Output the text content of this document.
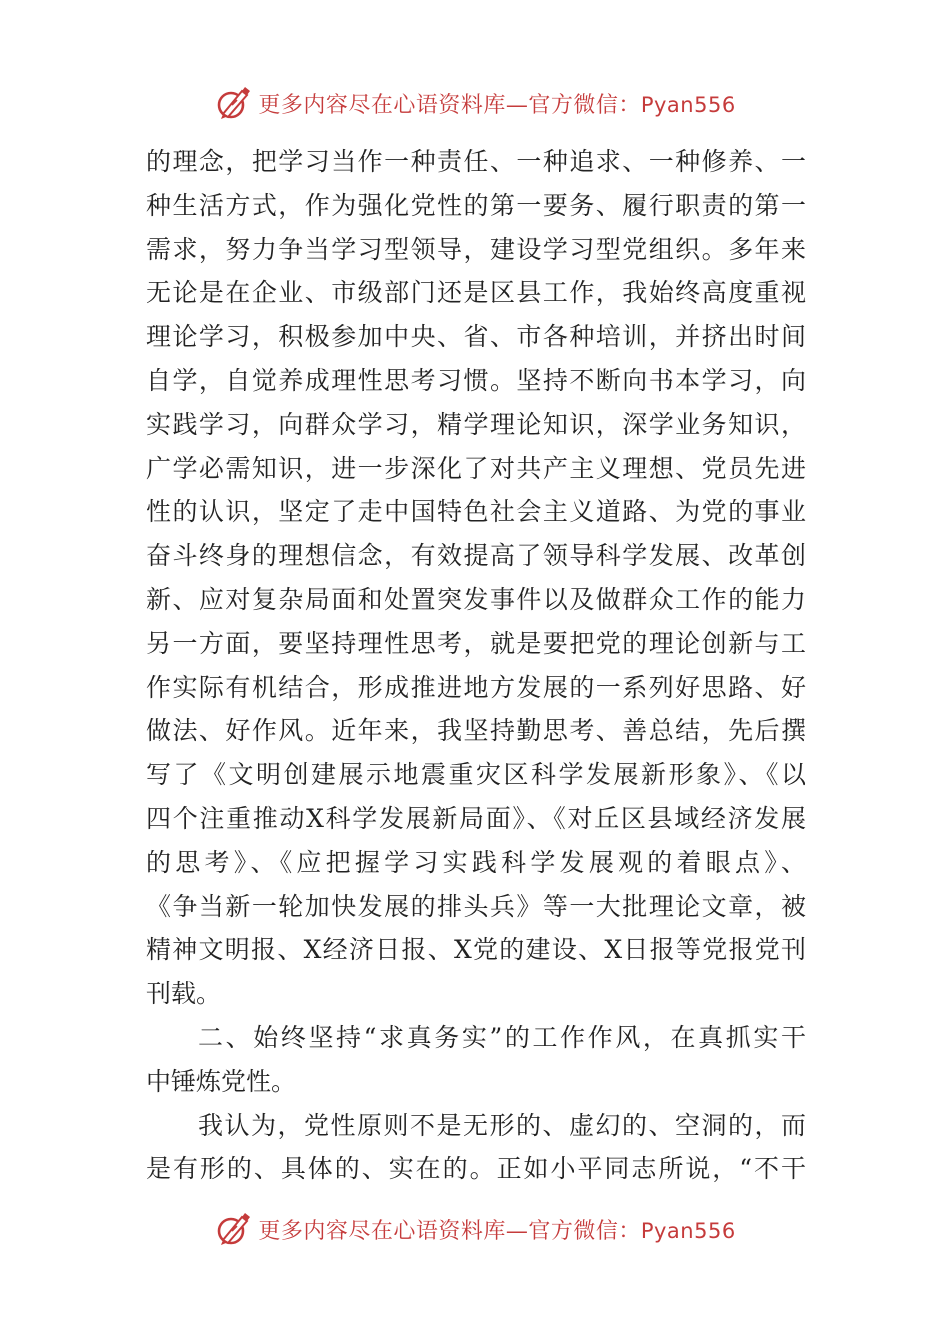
更多内容尽在心语资料库—官方微信：Pyan556
的理念，把学习当作一种责任、一种追求、一种修养、一
种生活方式，作为强化党性的第一要务、履行职责的第一
需求，努力争当学习型领导，建设学习型党组织。多年来
无论是在企业、市级部门还是区县工作，我始终高度重视
理论学习，积极参加中央、省、市各种培训，并挤出时间
自学，自觉养成理性思考习惯。坚持不断向书本学习，向
实践学习，向群众学习，精学理论知识，深学业务知识，
广学必需知识，进一步深化了对共产主义理想、党员先进
性的认识，坚定了走中国特色社会主义道路、为党的事业
奋斗终身的理想信念，有效提高了领导科学发展、改革创
新、应对复杂局面和处置突发事件以及做群众工作的能力
另一方面，要坚持理性思考，就是要把党的理论创新与工
作实际有机结合，形成推进地方发展的一系列好思路、好
做法、好作风。近年来，我坚持勤思考、善总结，先后撰
写了《文明创建展示地震重灾区科学发展新形象》、《以
四个注重推动X科学发展新局面》、《对丘区县域经济发展
的思考》、《应把握学习实践科学发展观的着眼点》、
《争当新一轮加快发展的排头兵》等一大批理论文章，被
精神文明报、X经济日报、X党的建设、X日报等党报党刊
刊载。
二、始终坚持“求真务实”的工作作风，在真抓实干
中锤炼党性。
我认为，党性原则不是无形的、虚幻的、空洞的，而
是有形的、具体的、实在的。正如小平同志所说，“不干
更多内容尽在心语资料库—官方微信：Pyan556
